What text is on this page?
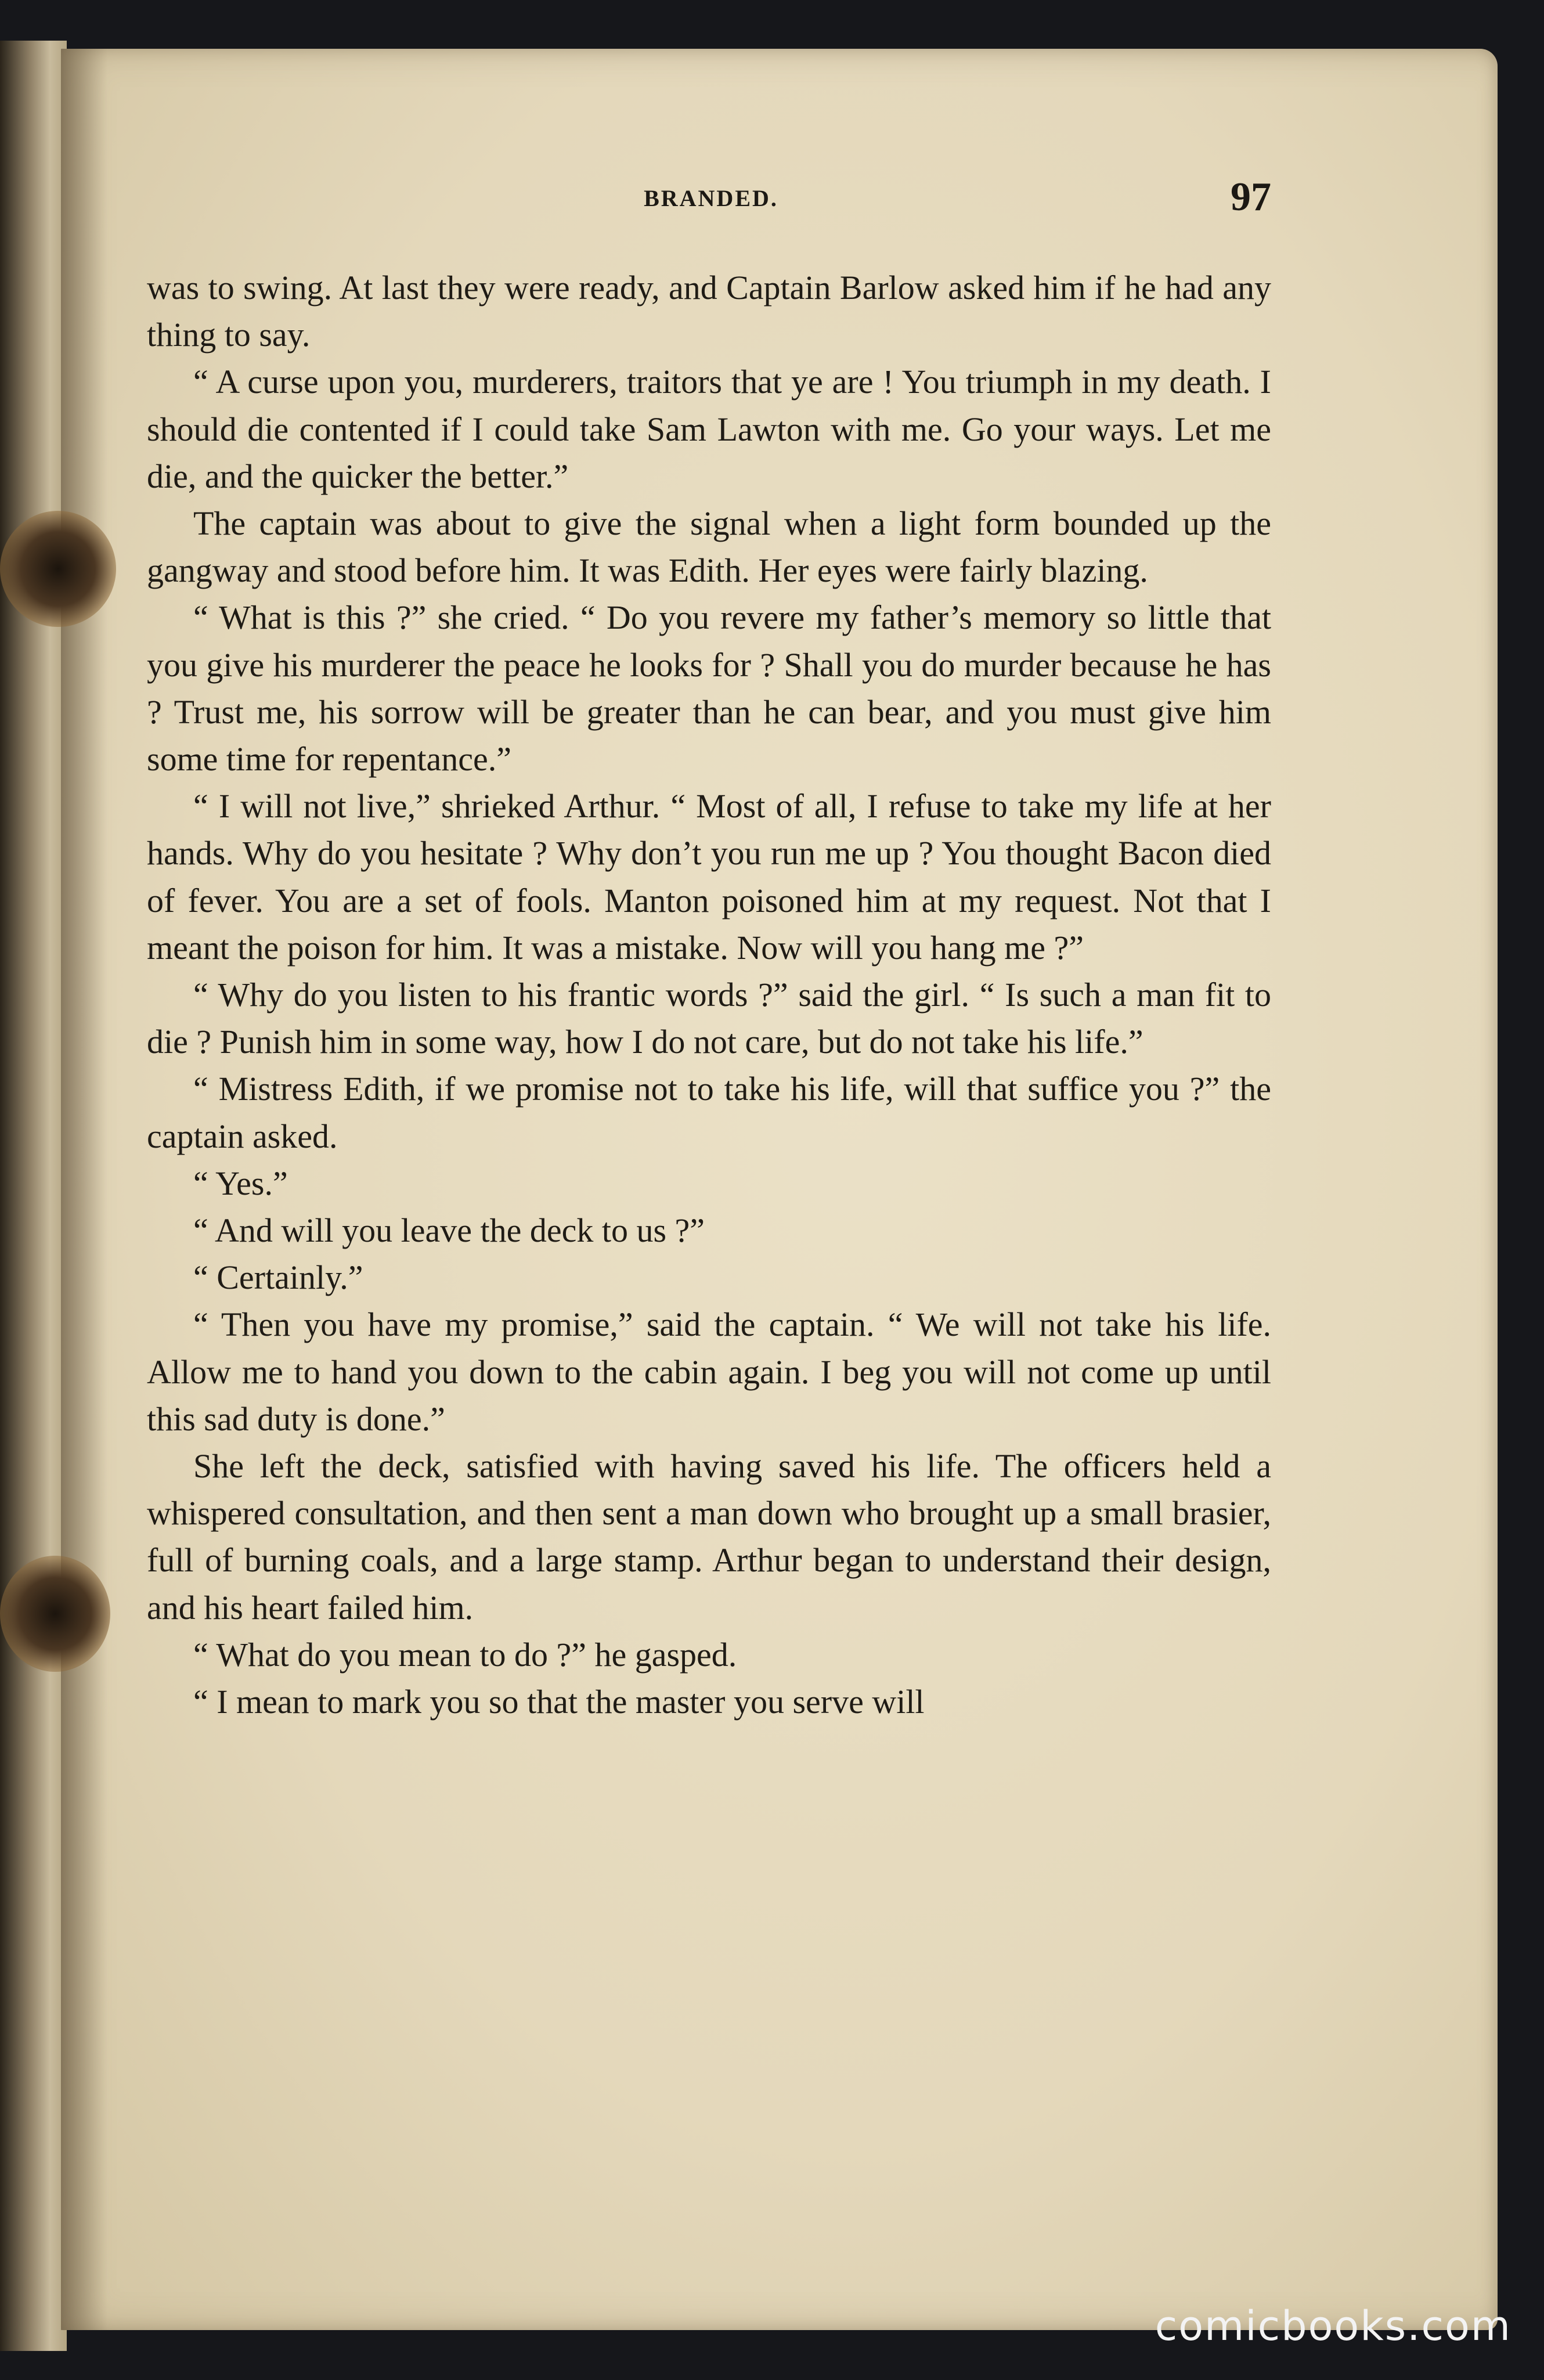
BRANDED.	97

was to swing. At last they were ready, and Captain Barlow asked him if he had any thing to say.

“ A curse upon you, murderers, traitors that ye are ! You triumph in my death. I should die contented if I could take Sam Lawton with me. Go your ways. Let me die, and the quicker the better.”

The captain was about to give the signal when a light form bounded up the gangway and stood before him. It was Edith. Her eyes were fairly blazing.

“ What is this ?” she cried. “ Do you revere my father’s memory so little that you give his murderer the peace he looks for ? Shall you do murder because he has ? Trust me, his sorrow will be greater than he can bear, and you must give him some time for repentance.”

“ I will not live,” shrieked Arthur. “ Most of all, I refuse to take my life at her hands. Why do you hesitate ? Why don’t you run me up ? You thought Bacon died of fever. You are a set of fools. Manton poisoned him at my request. Not that I meant the poison for him. It was a mistake. Now will you hang me ?”

“ Why do you listen to his frantic words ?” said the girl. “ Is such a man fit to die ? Punish him in some way, how I do not care, but do not take his life.”

“ Mistress Edith, if we promise not to take his life, will that suffice you ?” the captain asked.

“ Yes.”

“ And will you leave the deck to us ?”

“ Certainly.”

“ Then you have my promise,” said the captain. “ We will not take his life. Allow me to hand you down to the cabin again. I beg you will not come up until this sad duty is done.”

She left the deck, satisfied with having saved his life. The officers held a whispered consultation, and then sent a man down who brought up a small brasier, full of burning coals, and a large stamp. Arthur began to understand their design, and his heart failed him.

“ What do you mean to do ?” he gasped.

“ I mean to mark you so that the master you serve will

comicbooks.com
